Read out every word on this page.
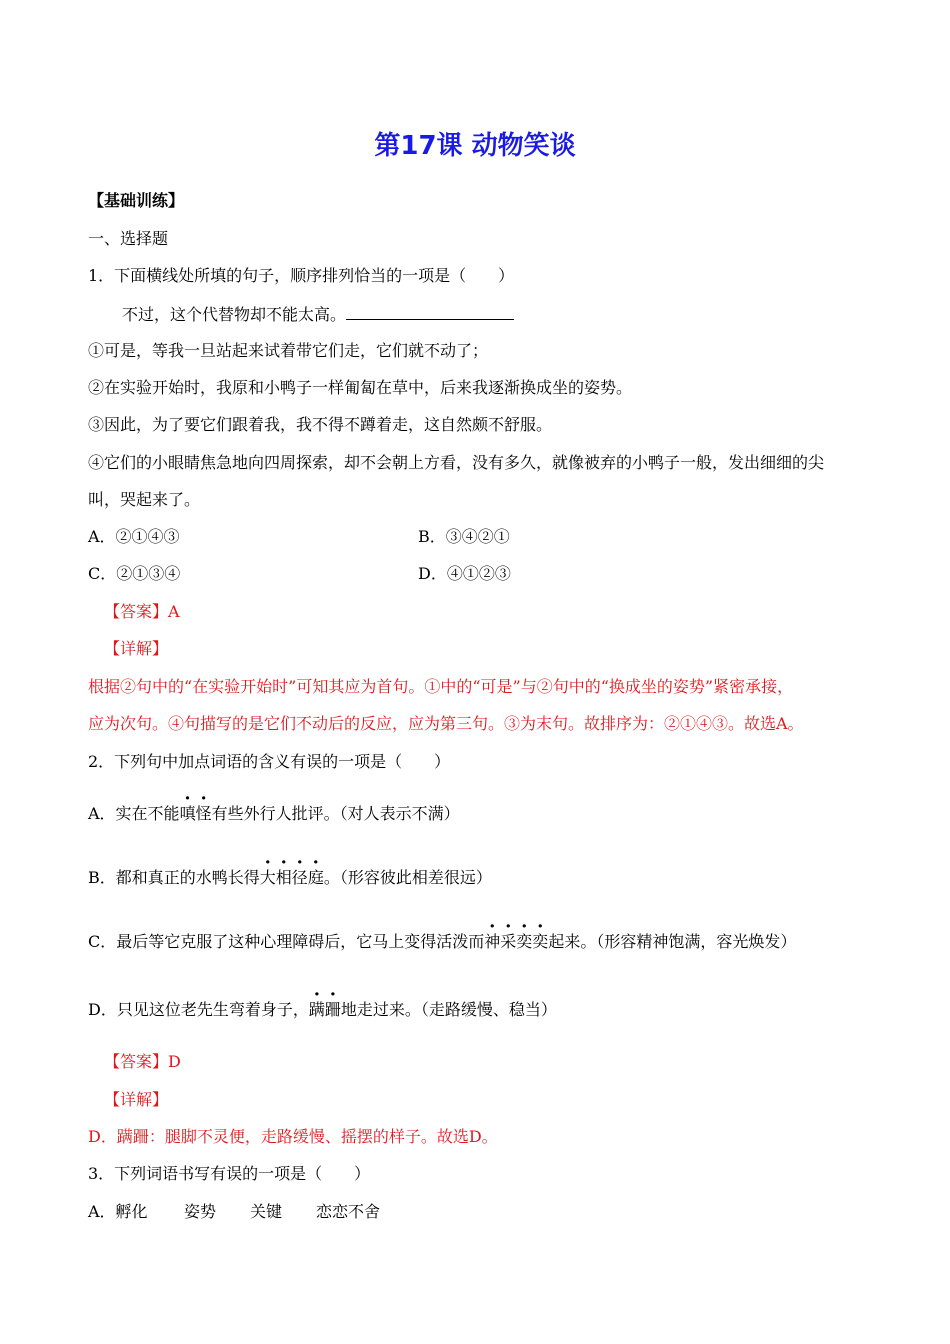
第17课 动物笑谈
【基础训练】
一、选择题
1．下面横线处所填的句子，顺序排列恰当的一项是（　　）
不过，这个代替物却不能太高。
①可是，等我一旦站起来试着带它们走，它们就不动了；
②在实验开始时，我原和小鸭子一样匍匐在草中，后来我逐渐换成坐的姿势。
③因此，为了要它们跟着我，我不得不蹲着走，这自然颇不舒服。
④它们的小眼睛焦急地向四周探索，却不会朝上方看，没有多久，就像被弃的小鸭子一般，发出细细的尖
叫，哭起来了。
A．②①④③	B．③④②①
C．②①③④	D．④①②③
【答案】A
【详解】
根据②句中的“在实验开始时”可知其应为首句。①中的“可是”与②句中的“换成坐的姿势”紧密承接，
应为次句。④句描写的是它们不动后的反应，应为第三句。③为末句。故排序为：②①④③。故选A。
2．下列句中加点词语的含义有误的一项是（　　）
A．实在不能嗔怪有些外行人批评。（对人表示不满）
B．都和真正的水鸭长得大相径庭。（形容彼此相差很远）
C．最后等它克服了这种心理障碍后，它马上变得活泼而神采奕奕起来。（形容精神饱满，容光焕发）
D．只见这位老先生弯着身子，蹒跚地走过来。（走路缓慢、稳当）
【答案】D
【详解】
D．蹒跚：腿脚不灵便，走路缓慢、摇摆的样子。故选D。
3．下列词语书写有误的一项是（　　）
A．孵化 姿势 关键 恋恋不舍
